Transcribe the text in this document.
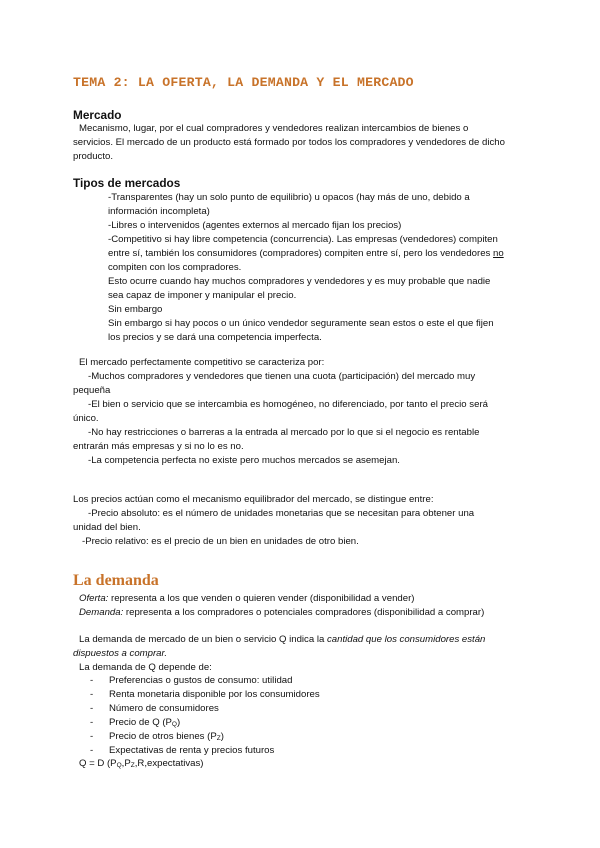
TEMA 2: LA OFERTA, LA DEMANDA Y EL MERCADO
Mercado
Mecanismo, lugar, por el cual compradores y vendedores realizan intercambios de bienes o
servicios. El mercado de un producto está formado por todos los compradores y vendedores de dicho
producto.
Tipos de mercados
-Transparentes (hay un solo punto de equilibrio) u opacos (hay más de uno, debido a
información incompleta)
-Libres o intervenidos (agentes externos al mercado fijan los precios)
-Competitivo si hay libre competencia (concurrencia). Las empresas (vendedores) compiten
entre sí, también los consumidores (compradores) compiten entre sí, pero los vendedores no
compiten con los compradores.
Esto ocurre cuando hay muchos compradores y vendedores y es muy probable que nadie
sea capaz de imponer y manipular el precio.
Sin embargo
Sin embargo si hay pocos o un único vendedor seguramente sean estos o este el que fijen
los precios y se dará una competencia imperfecta.
El mercado perfectamente competitivo se caracteriza por:
-Muchos compradores y vendedores que tienen una cuota (participación) del mercado muy
pequeña
-El bien o servicio que se intercambia es homogéneo, no diferenciado, por tanto el precio será
único.
-No hay restricciones o barreras a la entrada al mercado por lo que si el negocio es rentable
entrarán más empresas y si no lo es no.
-La competencia perfecta no existe pero muchos mercados se asemejan.
Los precios actúan como el mecanismo equilibrador del mercado, se distingue entre:
-Precio absoluto: es el número de unidades monetarias que se necesitan para obtener una
unidad del bien.
-Precio relativo: es el precio de un bien en unidades de otro bien.
La demanda
Oferta: representa a los que venden o quieren vender (disponibilidad a vender)
Demanda: representa a los compradores o potenciales compradores (disponibilidad a comprar)
La demanda de mercado de un bien o servicio Q indica la cantidad que los consumidores están
dispuestos a comprar.
La demanda de Q depende de:
- Preferencias o gustos de consumo: utilidad
- Renta monetaria disponible por los consumidores
- Número de consumidores
- Precio de Q $(P_Q)$
- Precio de otros bienes $(P_Z)$
- Expectativas de renta y precios futuros
Q = D $(P_Q,P_Z,R,expectativas)$
